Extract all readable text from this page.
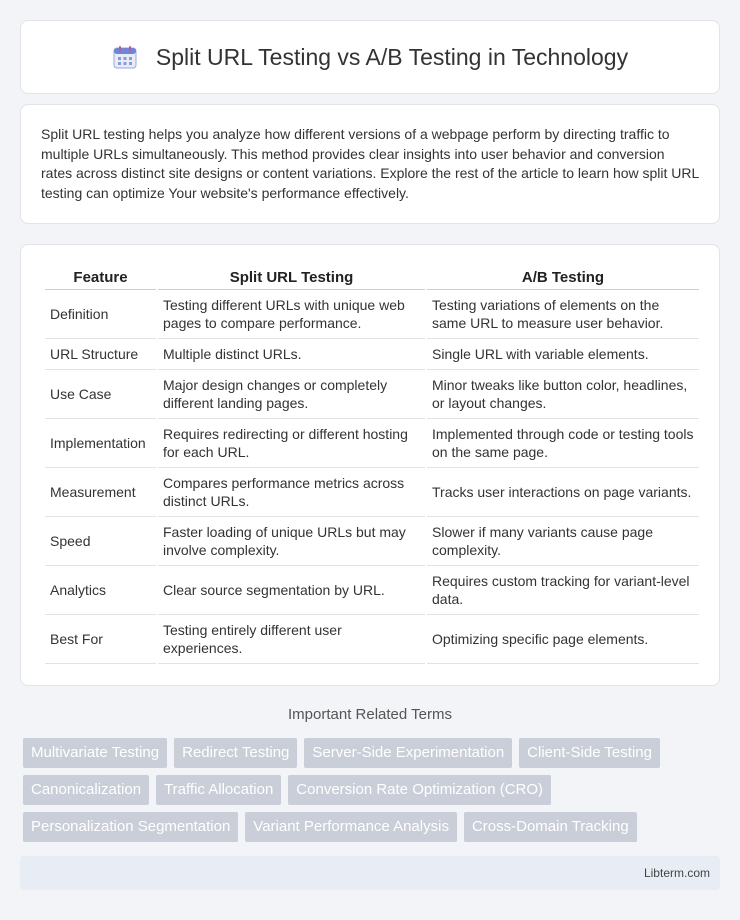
Split URL Testing vs A/B Testing in Technology

Split URL testing helps you analyze how different versions of a webpage perform by directing traffic to multiple URLs simultaneously. This method provides clear insights into user behavior and conversion rates across distinct site designs or content variations. Explore the rest of the article to learn how split URL testing can optimize Your website's performance effectively.

Feature	Split URL Testing	A/B Testing
Definition	Testing different URLs with unique web pages to compare performance.	Testing variations of elements on the same URL to measure user behavior.
URL Structure	Multiple distinct URLs.	Single URL with variable elements.
Use Case	Major design changes or completely different landing pages.	Minor tweaks like button color, headlines, or layout changes.
Implementation	Requires redirecting or different hosting for each URL.	Implemented through code or testing tools on the same page.
Measurement	Compares performance metrics across distinct URLs.	Tracks user interactions on page variants.
Speed	Faster loading of unique URLs but may involve complexity.	Slower if many variants cause page complexity.
Analytics	Clear source segmentation by URL.	Requires custom tracking for variant-level data.
Best For	Testing entirely different user experiences.	Optimizing specific page elements.
Important Related Terms
Multivariate Testing	Redirect Testing	Server-Side Experimentation	Client-Side Testing
Canonicalization	Traffic Allocation	Conversion Rate Optimization (CRO)
Personalization Segmentation	Variant Performance Analysis	Cross-Domain Tracking
Libterm.com
